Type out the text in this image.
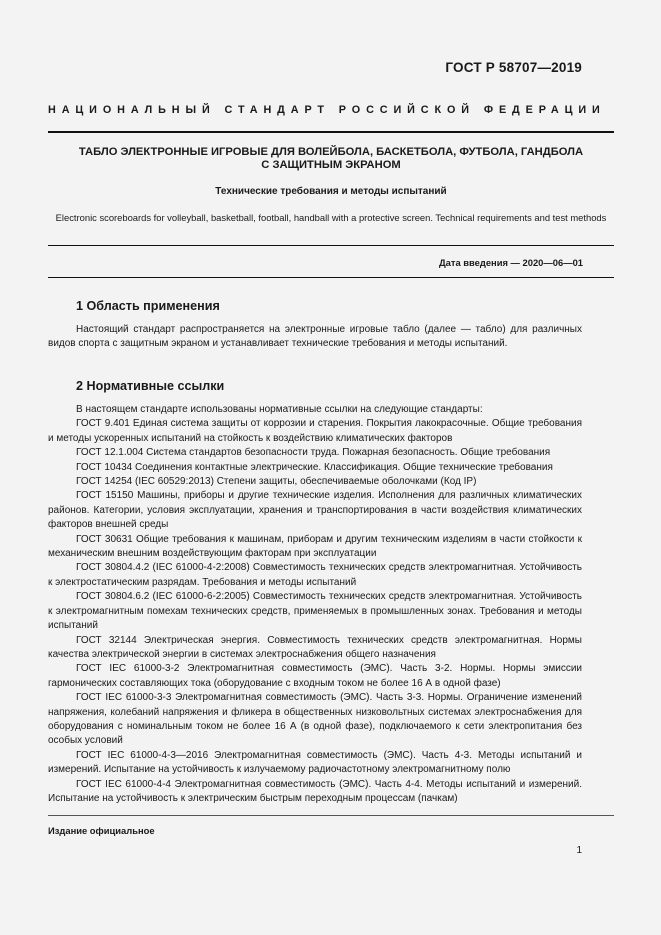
ГОСТ Р 58707—2019
НАЦИОНАЛЬНЫЙ СТАНДАРТ РОССИЙСКОЙ ФЕДЕРАЦИИ
ТАБЛО ЭЛЕКТРОННЫЕ ИГРОВЫЕ ДЛЯ ВОЛЕЙБОЛА, БАСКЕТБОЛА, ФУТБОЛА, ГАНДБОЛА
С ЗАЩИТНЫМ ЭКРАНОМ
Технические требования и методы испытаний
Electronic scoreboards for volleyball, basketball, football, handball with a protective screen. Technical requirements and test methods
Дата введения — 2020—06—01
1 Область применения

Настоящий стандарт распространяется на электронные игровые табло (далее — табло) для различных видов спорта с защитным экраном и устанавливает технические требования и методы испытаний.

2 Нормативные ссылки

В настоящем стандарте использованы нормативные ссылки на следующие стандарты:

ГОСТ 9.401 Единая система защиты от коррозии и старения. Покрытия лакокрасочные. Общие требования и методы ускоренных испытаний на стойкость к воздействию климатических факторов

ГОСТ 12.1.004 Система стандартов безопасности труда. Пожарная безопасность. Общие требования

ГОСТ 10434 Соединения контактные электрические. Классификация. Общие технические требования

ГОСТ 14254 (IEC 60529:2013) Степени защиты, обеспечиваемые оболочками (Код IP)

ГОСТ 15150 Машины, приборы и другие технические изделия. Исполнения для различных климатических районов. Категории, условия эксплуатации, хранения и транспортирования в части воздействия климатических факторов внешней среды

ГОСТ 30631 Общие требования к машинам, приборам и другим техническим изделиям в части стойкости к механическим внешним воздействующим факторам при эксплуатации

ГОСТ 30804.4.2 (IEC 61000-4-2:2008) Совместимость технических средств электромагнитная. Устойчивость к электростатическим разрядам. Требования и методы испытаний

ГОСТ 30804.6.2 (IEC 61000-6-2:2005) Совместимость технических средств электромагнитная. Устойчивость к электромагнитным помехам технических средств, применяемых в промышленных зонах. Требования и методы испытаний

ГОСТ 32144 Электрическая энергия. Совместимость технических средств электромагнитная. Нормы качества электрической энергии в системах электроснабжения общего назначения

ГОСТ IEC 61000-3-2 Электромагнитная совместимость (ЭМС). Часть 3-2. Нормы. Нормы эмиссии гармонических составляющих тока (оборудование с входным током не более 16 А в одной фазе)

ГОСТ IEC 61000-3-3 Электромагнитная совместимость (ЭМС). Часть 3-3. Нормы. Ограничение изменений напряжения, колебаний напряжения и фликера в общественных низковольтных системах электроснабжения для оборудования с номинальным током не более 16 А (в одной фазе), подключаемого к сети электропитания без особых условий

ГОСТ IEC 61000-4-3—2016 Электромагнитная совместимость (ЭМС). Часть 4-3. Методы испытаний и измерений. Испытание на устойчивость к излучаемому радиочастотному электромагнитному полю

ГОСТ IEC 61000-4-4 Электромагнитная совместимость (ЭМС). Часть 4-4. Методы испытаний и измерений. Испытание на устойчивость к электрическим быстрым переходным процессам (пачкам)

Издание официальное
1
